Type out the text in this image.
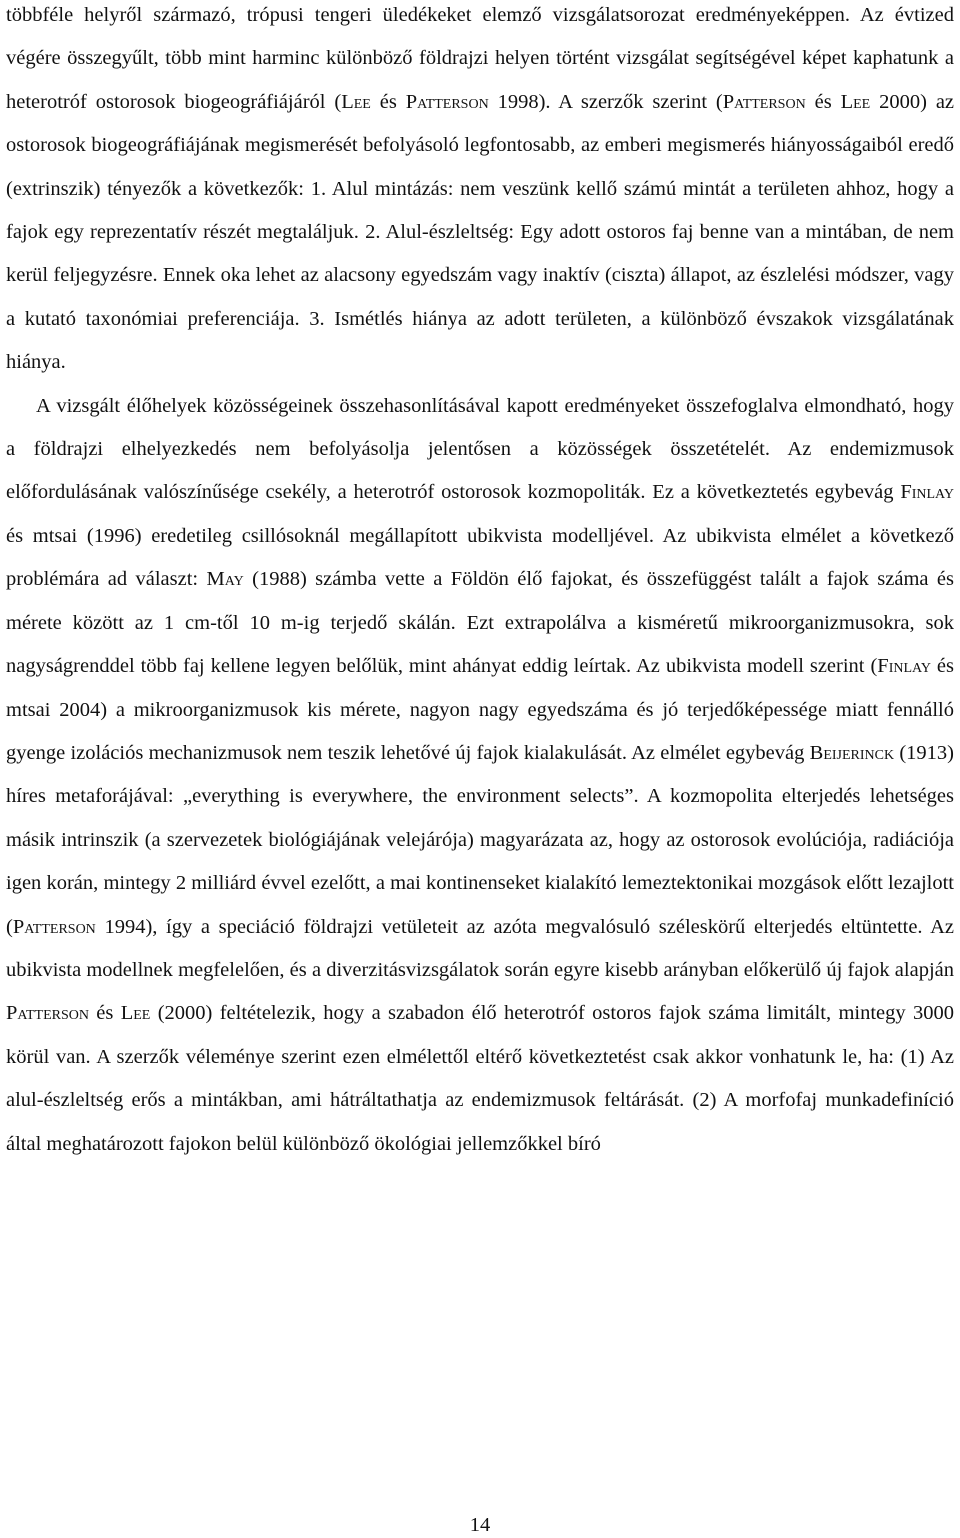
többféle helyről származó, trópusi tengeri üledékeket elemző vizsgálatsorozat eredményeképpen. Az évtized végére összegyűlt, több mint harminc különböző földrajzi helyen történt vizsgálat segítségével képet kaphatunk a heterotróf ostorosok biogeográfiájáról (Lee és Patterson 1998). A szerzők szerint (Patterson és Lee 2000) az ostorosok biogeográfiájának megismerését befolyásoló legfontosabb, az emberi megismerés hiányosságaiból eredő (extrinszik) tényezők a következők: 1. Alul mintázás: nem veszünk kellő számú mintát a területen ahhoz, hogy a fajok egy reprezentatív részét megtaláljuk. 2. Alul-észleltség: Egy adott ostoros faj benne van a mintában, de nem kerül feljegyzésre. Ennek oka lehet az alacsony egyedszám vagy inaktív (ciszta) állapot, az észlelési módszer, vagy a kutató taxonómiai preferenciája. 3. Ismétlés hiánya az adott területen, a különböző évszakok vizsgálatának hiánya.

A vizsgált élőhelyek közösségeinek összehasonlításával kapott eredményeket összefoglalva elmondható, hogy a földrajzi elhelyezkedés nem befolyásolja jelentősen a közösségek összetételét. Az endemizmusok előfordulásának valószínűsége csekély, a heterotróf ostorosok kozmopoliták. Ez a következtetés egybevág Finlay és mtsai (1996) eredetileg csillósoknál megállapított ubikvista modelljével. Az ubikvista elmélet a következő problémára ad választ: May (1988) számba vette a Földön élő fajokat, és összefüggést talált a fajok száma és mérete között az 1 cm-től 10 m-ig terjedő skálán. Ezt extrapolálva a kisméretű mikroorganizmusokra, sok nagyságrenddel több faj kellene legyen belőlük, mint ahányat eddig leírtak. Az ubikvista modell szerint (Finlay és mtsai 2004) a mikroorganizmusok kis mérete, nagyon nagy egyedszáma és jó terjedőképessége miatt fennálló gyenge izolációs mechanizmusok nem teszik lehetővé új fajok kialakulását. Az elmélet egybevág Beijerinck (1913) híres metaforájával: „everything is everywhere, the environment selects”. A kozmopolita elterjedés lehetséges másik intrinszik (a szervezetek biológiájának velejárója) magyarázata az, hogy az ostorosok evolúciója, radiációja igen korán, mintegy 2 milliárd évvel ezelőtt, a mai kontinenseket kialakító lemeztektonikai mozgások előtt lezajlott (Patterson 1994), így a speciáció földrajzi vetületeit az azóta megvalósuló széleskörű elterjedés eltüntette. Az ubikvista modellnek megfelelően, és a diverzitásvizsgálatok során egyre kisebb arányban előkerülő új fajok alapján Patterson és Lee (2000) feltételezik, hogy a szabadon élő heterotróf ostoros fajok száma limitált, mintegy 3000 körül van. A szerzők véleménye szerint ezen elmélettől eltérő következtetést csak akkor vonhatunk le, ha: (1) Az alul-észleltség erős a mintákban, ami hátráltathatja az endemizmusok feltárását. (2) A morfofaj munkadefiníció által meghatározott fajokon belül különböző ökológiai jellemzőkkel bíró

14
